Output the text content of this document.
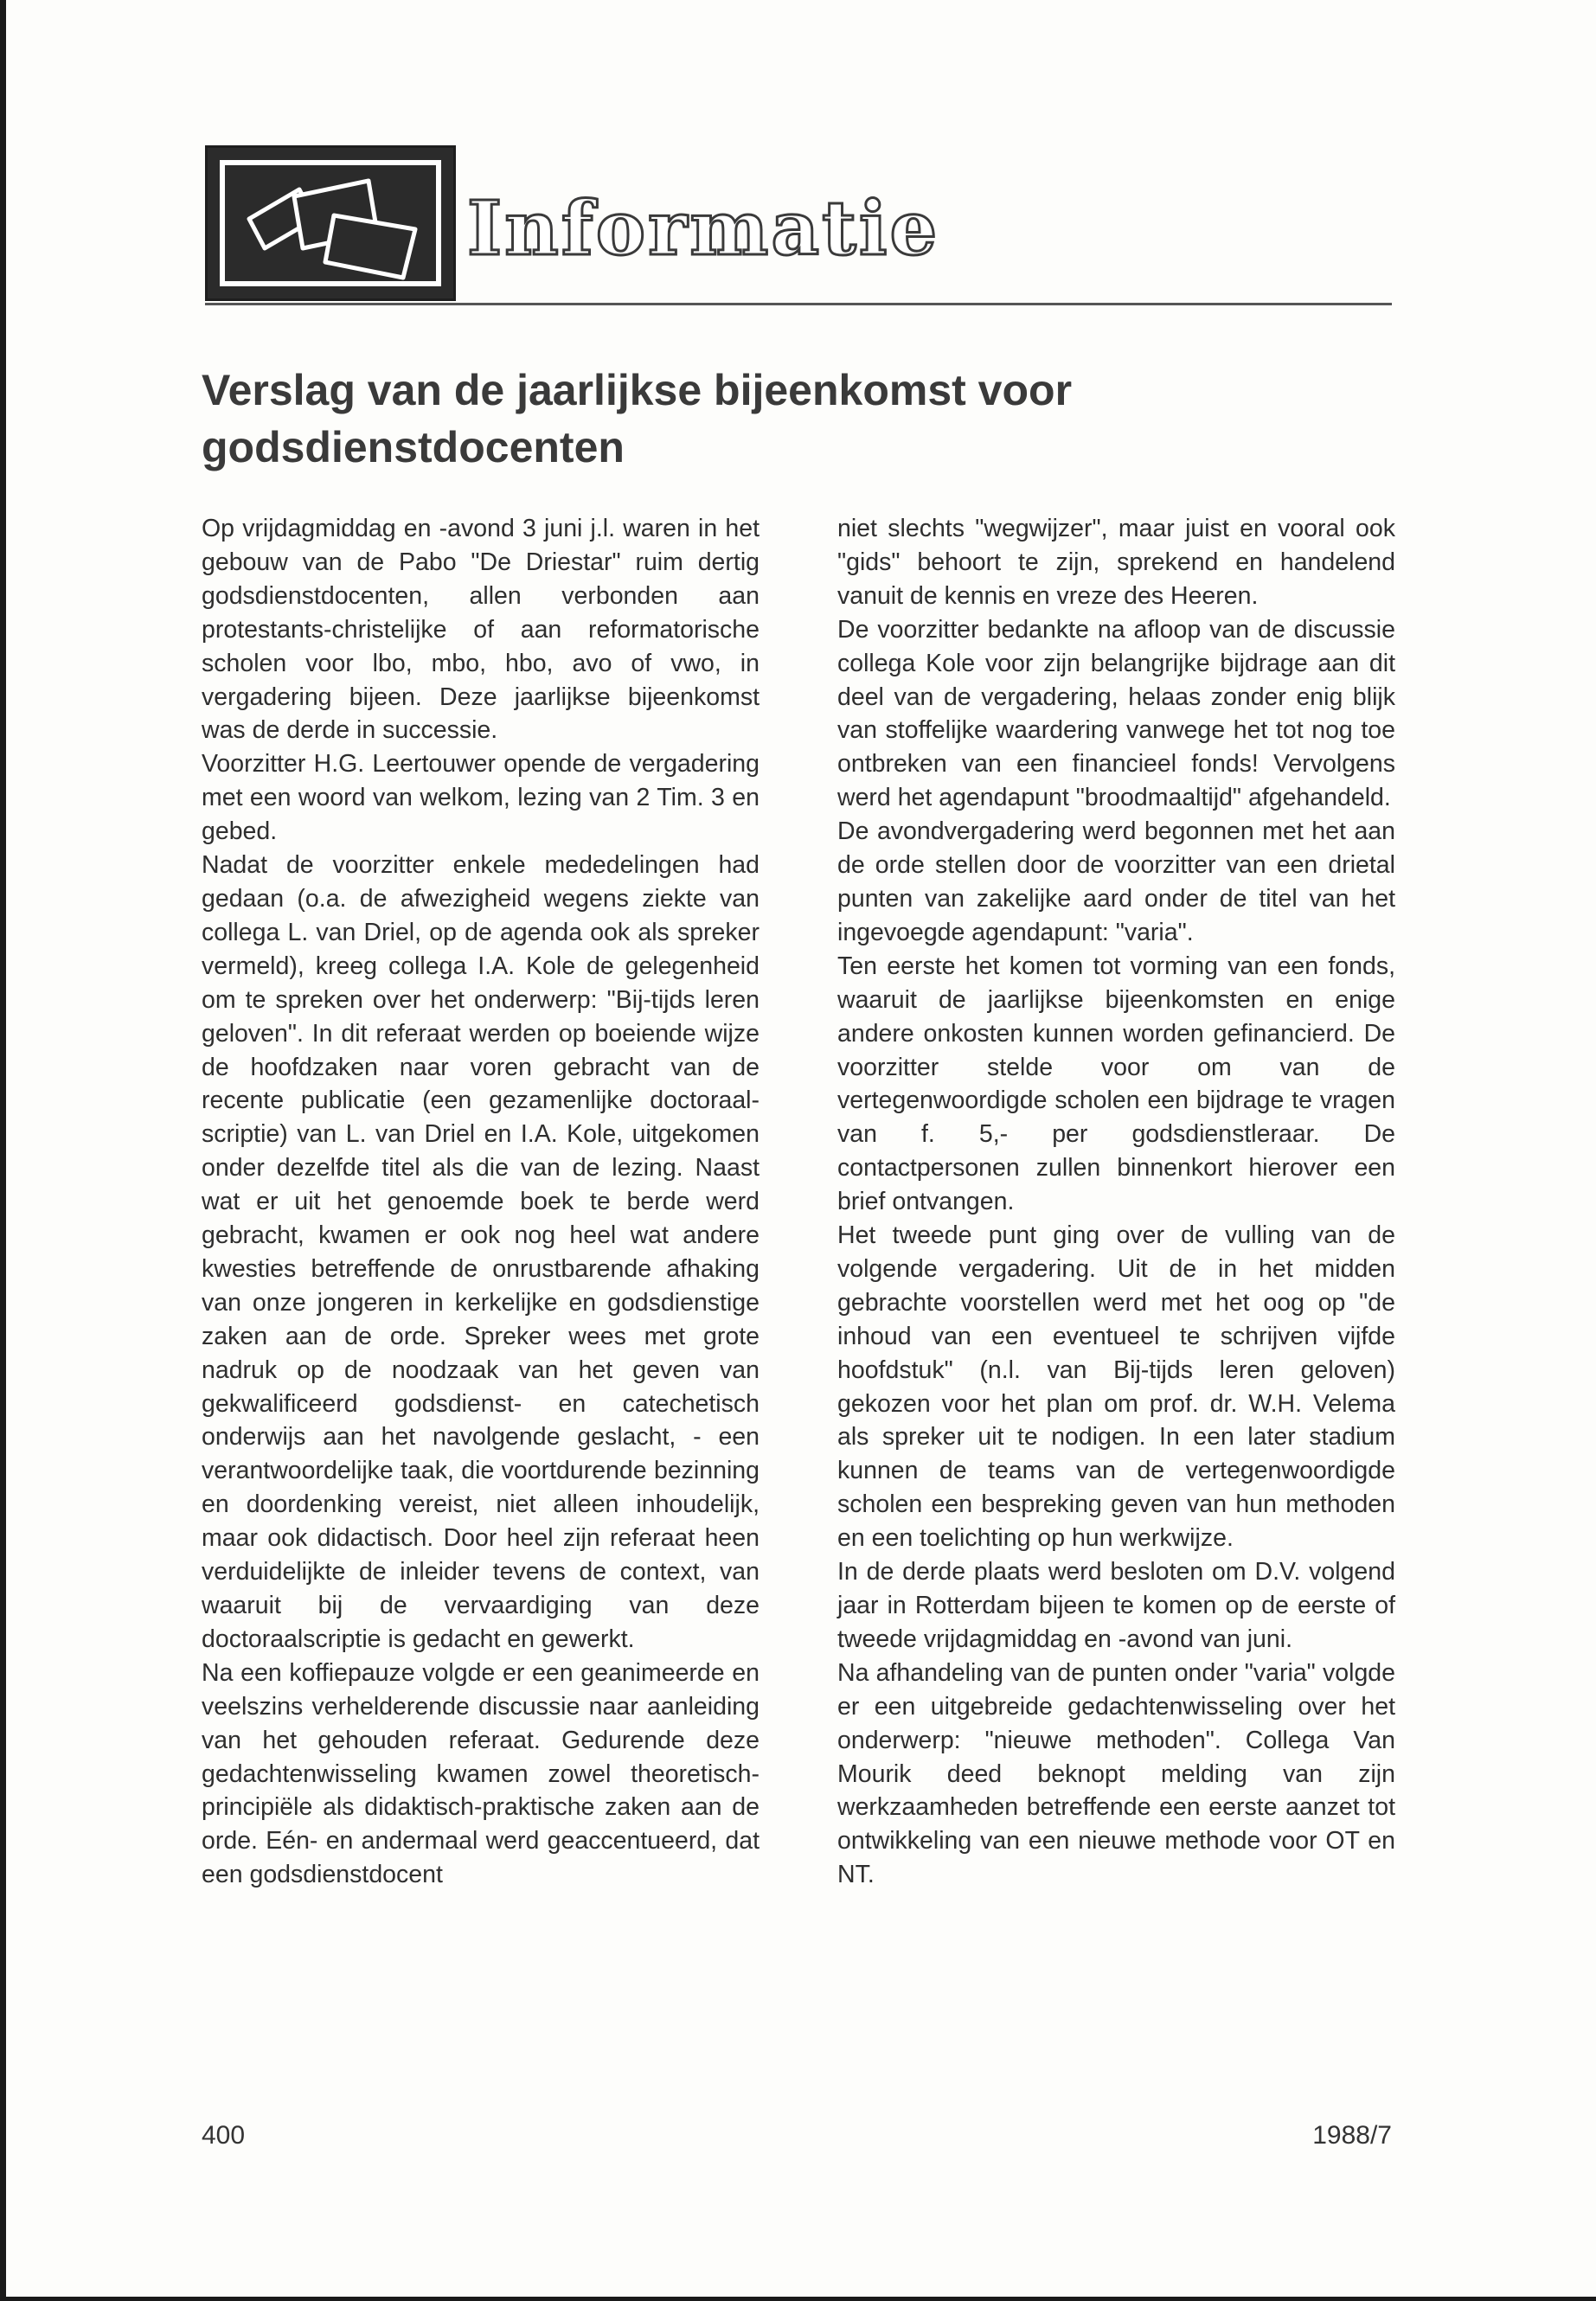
Informatie
Verslag van de jaarlijkse bijeenkomst voor godsdienstdocenten

Op vrijdagmiddag en -avond 3 juni j.l. waren in het gebouw van de Pabo "De Driestar" ruim dertig godsdienstdocenten, allen verbonden aan protestants-christelijke of aan reformatorische scholen voor lbo, mbo, hbo, avo of vwo, in vergadering bijeen. Deze jaarlijkse bijeenkomst was de derde in successie.

Voorzitter H.G. Leertouwer opende de vergadering met een woord van welkom, lezing van 2 Tim. 3 en gebed.

Nadat de voorzitter enkele mededelingen had gedaan (o.a. de afwezigheid wegens ziekte van collega L. van Driel, op de agenda ook als spreker vermeld), kreeg collega I.A. Kole de gelegenheid om te spreken over het onderwerp: "Bij-tijds leren geloven". In dit referaat werden op boeiende wijze de hoofdzaken naar voren gebracht van de recente publicatie (een gezamenlijke doctoraal-scriptie) van L. van Driel en I.A. Kole, uitgekomen onder dezelfde titel als die van de lezing. Naast wat er uit het genoemde boek te berde werd gebracht, kwamen er ook nog heel wat andere kwesties betreffende de onrustbarende afhaking van onze jongeren in kerkelijke en godsdienstige zaken aan de orde. Spreker wees met grote nadruk op de noodzaak van het geven van gekwalificeerd godsdienst- en catechetisch onderwijs aan het navolgende geslacht, - een verantwoordelijke taak, die voortdurende bezinning en doordenking vereist, niet alleen inhoudelijk, maar ook didactisch. Door heel zijn referaat heen verduidelijkte de inleider tevens de context, van waaruit bij de vervaardiging van deze doctoraalscriptie is gedacht en gewerkt.

Na een koffiepauze volgde er een geanimeerde en veelszins verhelderende discussie naar aanleiding van het gehouden referaat. Gedurende deze gedachtenwisseling kwamen zowel theoretisch-principiële als didaktisch-praktische zaken aan de orde. Eén- en andermaal werd geaccentueerd, dat een godsdienstdocent

niet slechts "wegwijzer", maar juist en vooral ook "gids" behoort te zijn, sprekend en handelend vanuit de kennis en vreze des Heeren.

De voorzitter bedankte na afloop van de discussie collega Kole voor zijn belangrijke bijdrage aan dit deel van de vergadering, helaas zonder enig blijk van stoffelijke waardering vanwege het tot nog toe ontbreken van een financieel fonds! Vervolgens werd het agendapunt "broodmaaltijd" afgehandeld.

De avondvergadering werd begonnen met het aan de orde stellen door de voorzitter van een drietal punten van zakelijke aard onder de titel van het ingevoegde agendapunt: "varia".

Ten eerste het komen tot vorming van een fonds, waaruit de jaarlijkse bijeenkomsten en enige andere onkosten kunnen worden gefinancierd. De voorzitter stelde voor om van de vertegenwoordigde scholen een bijdrage te vragen van f. 5,- per godsdienstleraar. De contactpersonen zullen binnenkort hierover een brief ontvangen.

Het tweede punt ging over de vulling van de volgende vergadering. Uit de in het midden gebrachte voorstellen werd met het oog op "de inhoud van een eventueel te schrijven vijfde hoofdstuk" (n.l. van Bij-tijds leren geloven) gekozen voor het plan om prof. dr. W.H. Velema als spreker uit te nodigen. In een later stadium kunnen de teams van de vertegenwoordigde scholen een bespreking geven van hun methoden en een toelichting op hun werkwijze.

In de derde plaats werd besloten om D.V. volgend jaar in Rotterdam bijeen te komen op de eerste of tweede vrijdagmiddag en -avond van juni.

Na afhandeling van de punten onder "varia" volgde er een uitgebreide gedachtenwisseling over het onderwerp: "nieuwe methoden". Collega Van Mourik deed beknopt melding van zijn werkzaamheden betreffende een eerste aanzet tot ontwikkeling van een nieuwe methode voor OT en NT.

400	1988/7
